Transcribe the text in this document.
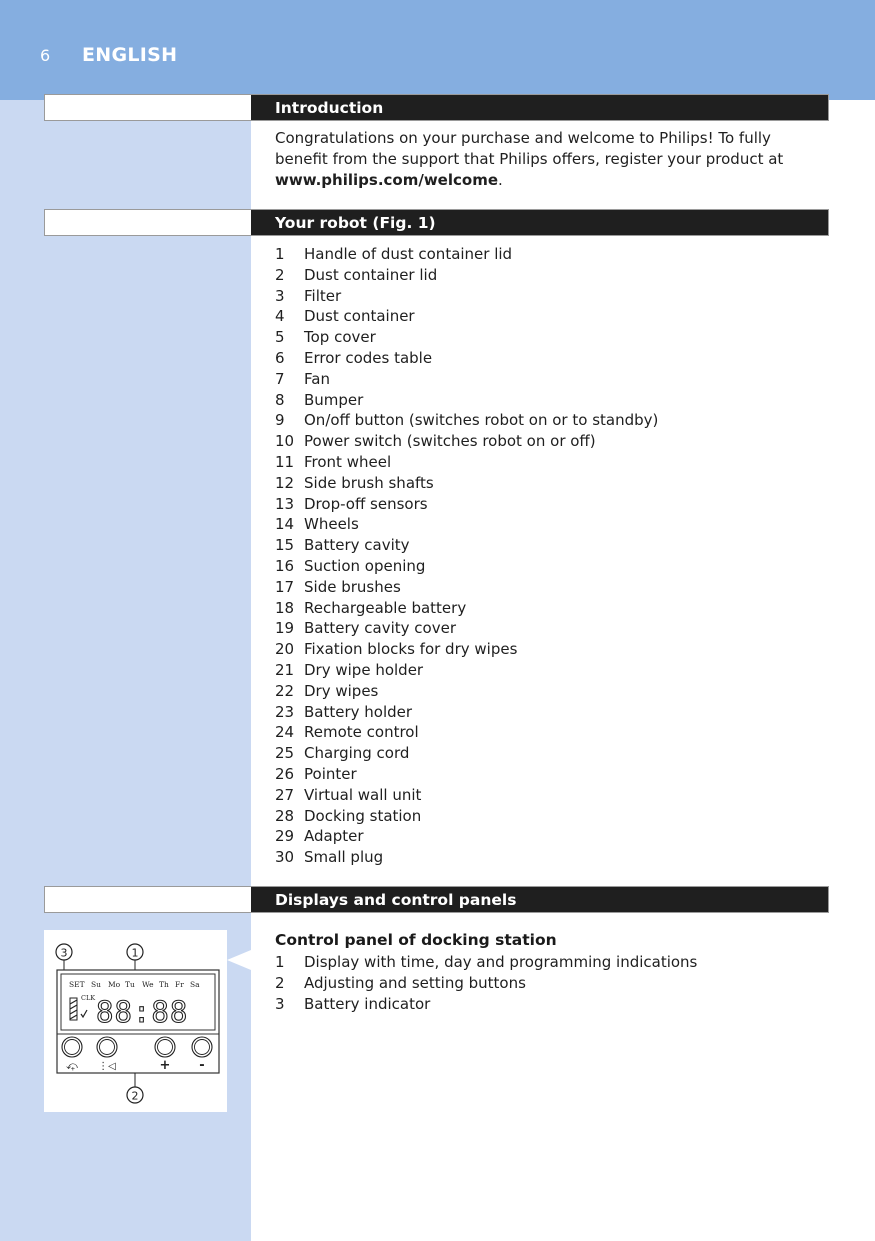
6 ENGLISH
Introduction
Congratulations on your purchase and welcome to Philips! To fully benefit from the support that Philips offers, register your product at www.philips.com/welcome.
Your robot (Fig. 1)
1	Handle of dust container lid
2	Dust container lid
3	Filter
4	Dust container
5	Top cover
6	Error codes table
7	Fan
8	Bumper
9	On/off button (switches robot on or to standby)
10 Power switch (switches robot on or off)
11 Front wheel
12 Side brush shafts
13 Drop-off sensors
14 Wheels
15 Battery cavity
16 Suction opening
17 Side brushes
18 Rechargeable battery
19 Battery cavity cover
20 Fixation blocks for dry wipes
21 Dry wipe holder
22 Dry wipes
23 Battery holder
24 Remote control
25 Charging cord
26 Pointer
27 Virtual wall unit
28 Docking station
29 Adapter
30 Small plug
Displays and control panels
Control panel of docking station
1	Display with time, day and programming indications
2	Adjusting and setting buttons
3	Battery indicator
3	1
SET Su Mo Tu We Th Fr Sa
CLK 88:88
⤽ ⋮◁	+ -
2
